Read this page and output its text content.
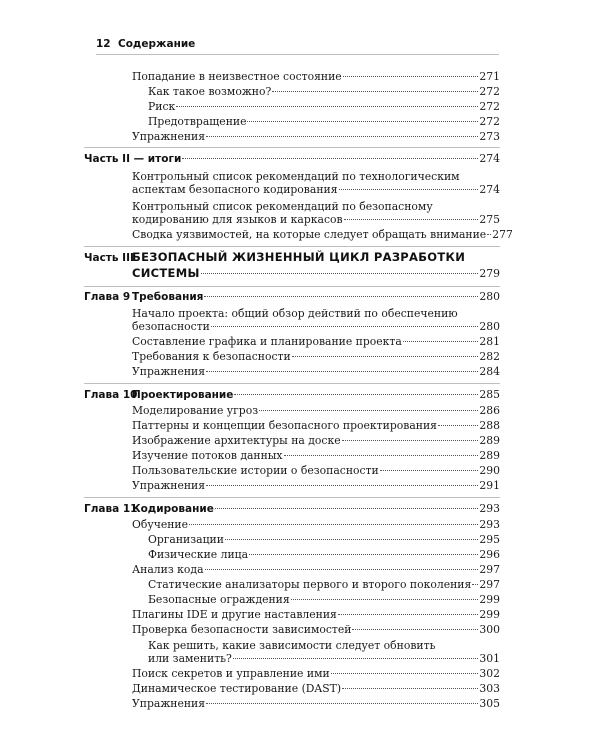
12 Содержание
Попадание в неизвестное состояние	271
Как такое возможно?	272
Риск	272
Предотвращение	272
Упражнения	273
Часть II — итоги	274
Контрольный список рекомендаций по технологическим
аспектам безопасного кодирования	274
Контрольный список рекомендаций по безопасному
кодированию для языков и каркасов	275
Сводка уязвимостей, на которые следует обращать внимание 277
Часть III
БЕЗОПАСНЫЙ ЖИЗНЕННЫЙ ЦИКЛ РАЗРАБОТКИ
СИСТЕМЫ	279
Глава 9 Требования	280
Начало проекта: общий обзор действий по обеспечению
безопасности	280
Составление графика и планирование проекта	281
Требования к безопасности	282
Упражнения	284
Глава 10
Проектирование	285
Моделирование угроз	286
Паттерны и концепции безопасного проектирования	288
Изображение архитектуры на доске	289
Изучение потоков данных	289
Пользовательские истории о безопасности	290
Упражнения	291
Глава 11
Кодирование	293
Обучение	293
Организации	295
Физические лица	296
Анализ кода	297
Статические анализаторы первого и второго поколения 297
Безопасные ограждения	299
Плагины IDE и другие наставления	299
Проверка безопасности зависимостей	300
Как решить, какие зависимости следует обновить
или заменить?	301
Поиск секретов и управление ими	302
Динамическое тестирование (DAST)	303
Упражнения	305
